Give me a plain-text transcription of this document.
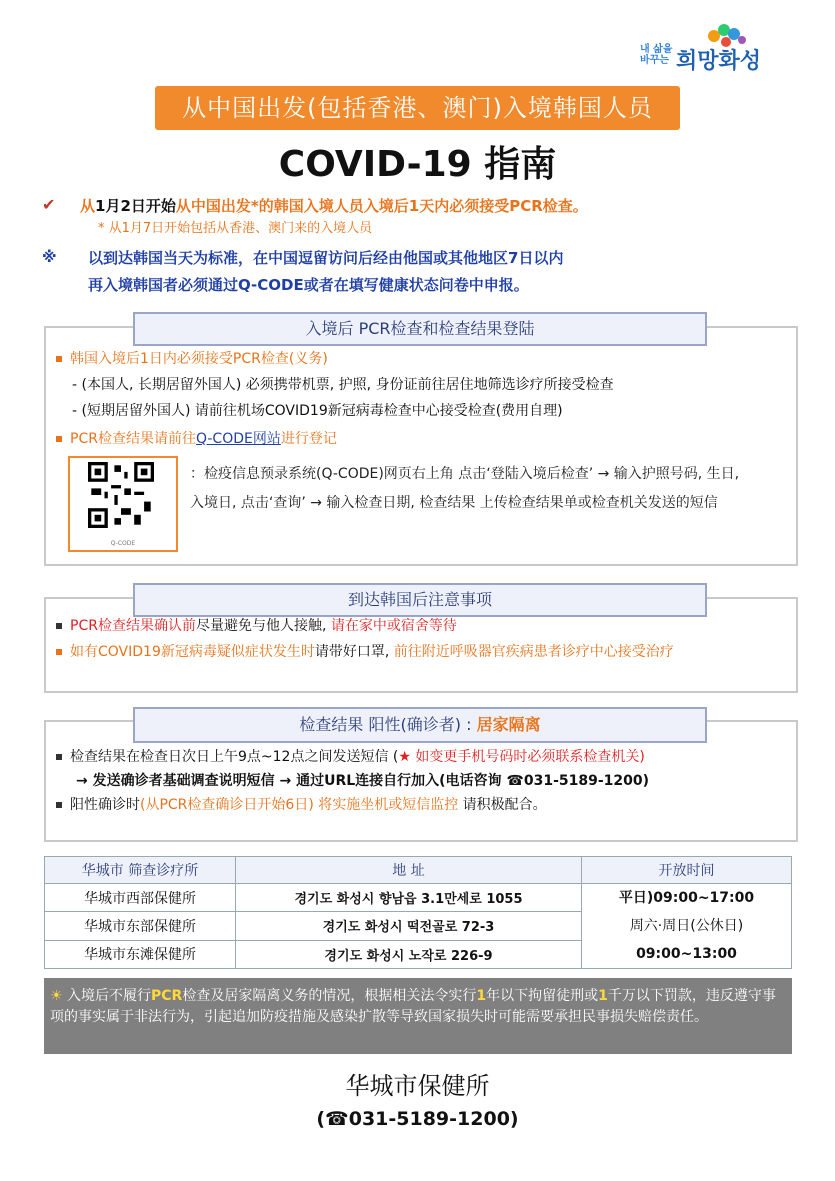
내 삶을 바꾸는 희망화성
从中国出发(包括香港、澳门)入境韩国人员
COVID-19 指南
✔ 从1月2日开始从中国出发*的韩国入境人员入境后1天内必须接受PCR检查。
* 从1月7日开始包括从香港、澳门来的入境人员
※ 以到达韩国当天为标准，在中国逗留访问后经由他国或其他地区7日以内
再入境韩国者必须通过Q-CODE或者在填写健康状态问卷中申报。
韩国入境后1日内必须接受PCR检查(义务)
- (本国人, 长期居留外国人) 必须携带机票, 护照, 身份证前往居住地筛选诊疗所接受检查
- (短期居留外国人) 请前往机场COVID19新冠病毒检查中心接受检查(费用自理)
PCR检查结果请前往Q-CODE网站进行登记
入境后 PCR检查和检查结果登陆
Q-CODE
：检疫信息预录系统(Q-CODE)网页右上角 点击‘登陆入境后检查’ → 输入护照号码, 生日, 入境日, 点击‘查询’ → 输入检查日期, 检查结果 上传检查结果单或检查机关发送的短信
PCR检查结果确认前尽量避免与他人接触, 请在家中或宿舍等待
如有COVID19新冠病毒疑似症状发生时请带好口罩, 前往附近呼吸器官疾病患者诊疗中心接受治疗
到达韩国后注意事项
检查结果在检查日次日上午9点~12点之间发送短信 (★ 如变更手机号码时必须联系检查机关)
→ 发送确诊者基础调查说明短信 → 通过URL连接自行加入(电话咨询 ☎031-5189-1200)
阳性确诊时(从PCR检查确诊日开始6日) 将实施坐机或短信监控 请积极配合。
检查结果 阳性(确诊者) : 居家隔离
华城市 筛查诊疗所	地 址	开放时间
华城市西部保健所	경기도 화성시 향남읍 3.1만세로 1055	平日)09:00~17:00
周六·周日(公休日)
09:00~13:00

华城市东部保健所	경기도 화성시 떡전골로 72-3	
华城市东滩保健所	경기도 화성시 노작로 226-9	
☀ 入境后不履行PCR检查及居家隔离义务的情况，根据相关法令实行1年以下拘留徒刑或1千万以下罚款，违反遵守事项的事实属于非法行为，引起追加防疫措施及感染扩散等导致国家损失时可能需要承担民事损失赔偿责任。
华城市保健所
(☎031-5189-1200)
